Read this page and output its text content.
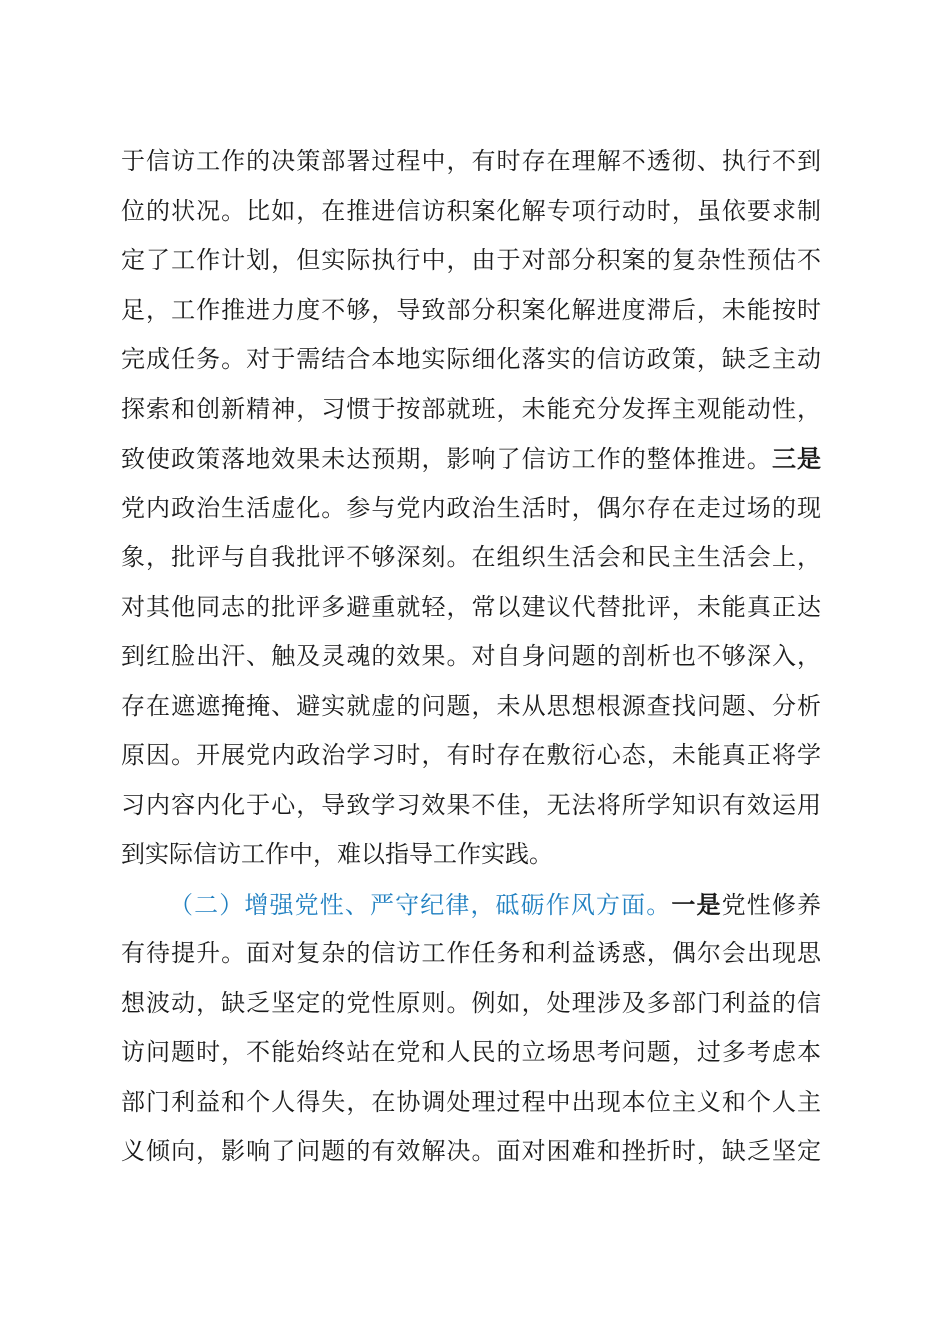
于信访工作的决策部署过程中，有时存在理解不透彻、执行不到
位的状况。比如，在推进信访积案化解专项行动时，虽依要求制
定了工作计划，但实际执行中，由于对部分积案的复杂性预估不
足，工作推进力度不够，导致部分积案化解进度滞后，未能按时
完成任务。对于需结合本地实际细化落实的信访政策，缺乏主动
探索和创新精神，习惯于按部就班，未能充分发挥主观能动性，
致使政策落地效果未达预期，影响了信访工作的整体推进。三是
党内政治生活虚化。参与党内政治生活时，偶尔存在走过场的现
象，批评与自我批评不够深刻。在组织生活会和民主生活会上，
对其他同志的批评多避重就轻，常以建议代替批评，未能真正达
到红脸出汗、触及灵魂的效果。对自身问题的剖析也不够深入，
存在遮遮掩掩、避实就虚的问题，未从思想根源查找问题、分析
原因。开展党内政治学习时，有时存在敷衍心态，未能真正将学
习内容内化于心，导致学习效果不佳，无法将所学知识有效运用
到实际信访工作中，难以指导工作实践。
（二）增强党性、严守纪律，砥砺作风方面。一是党性修养
有待提升。面对复杂的信访工作任务和利益诱惑，偶尔会出现思
想波动，缺乏坚定的党性原则。例如，处理涉及多部门利益的信
访问题时，不能始终站在党和人民的立场思考问题，过多考虑本
部门利益和个人得失，在协调处理过程中出现本位主义和个人主
义倾向，影响了问题的有效解决。面对困难和挫折时，缺乏坚定
